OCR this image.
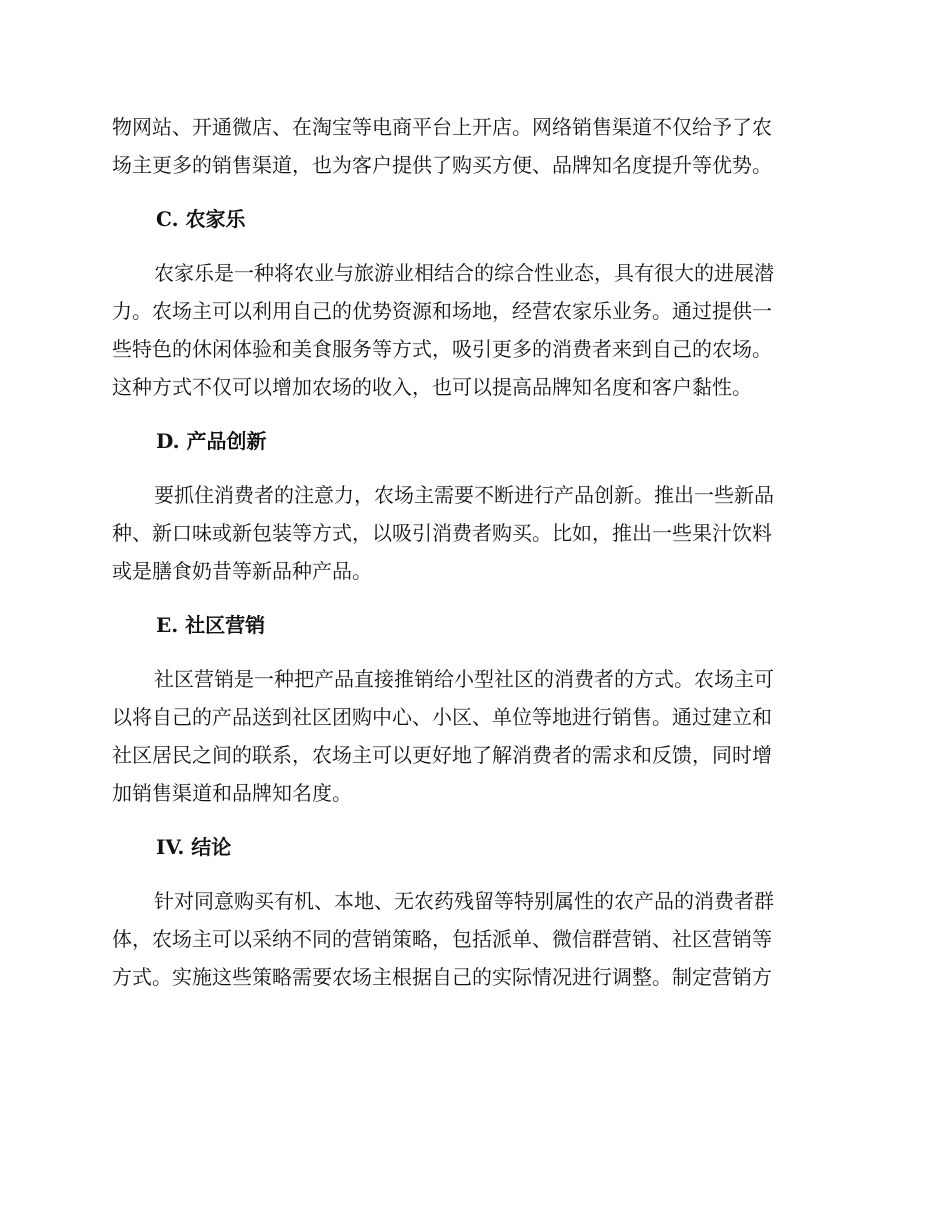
物网站、开通微店、在淘宝等电商平台上开店。网络销售渠道不仅给予了农
场主更多的销售渠道，也为客户提供了购买方便、品牌知名度提升等优势。
C. 农家乐
农家乐是一种将农业与旅游业相结合的综合性业态，具有很大的进展潜
力。农场主可以利用自己的优势资源和场地，经营农家乐业务。通过提供一
些特色的休闲体验和美食服务等方式，吸引更多的消费者来到自己的农场。
这种方式不仅可以增加农场的收入，也可以提高品牌知名度和客户黏性。
D. 产品创新
要抓住消费者的注意力，农场主需要不断进行产品创新。推出一些新品
种、新口味或新包装等方式，以吸引消费者购买。比如，推出一些果汁饮料
或是膳食奶昔等新品种产品。
E. 社区营销
社区营销是一种把产品直接推销给小型社区的消费者的方式。农场主可
以将自己的产品送到社区团购中心、小区、单位等地进行销售。通过建立和
社区居民之间的联系，农场主可以更好地了解消费者的需求和反馈，同时增
加销售渠道和品牌知名度。
IV. 结论
针对同意购买有机、本地、无农药残留等特别属性的农产品的消费者群
体，农场主可以采纳不同的营销策略，包括派单、微信群营销、社区营销等
方式。实施这些策略需要农场主根据自己的实际情况进行调整。制定营销方
